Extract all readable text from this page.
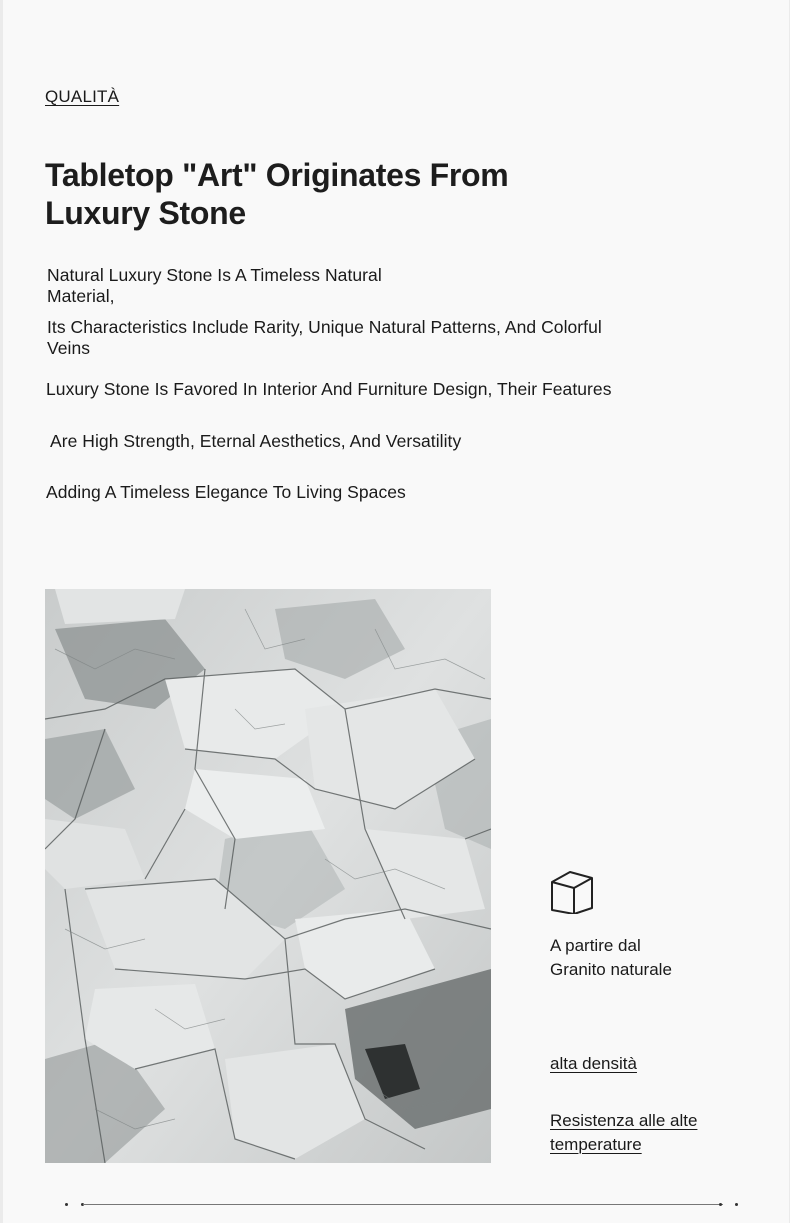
QUALITÀ
Tabletop "Art" Originates From Luxury Stone

Natural Luxury Stone Is A Timeless Natural Material,

Its Characteristics Include Rarity, Unique Natural Patterns, And Colorful Veins

Luxury Stone Is Favored In Interior And Furniture Design, Their Features

Are High Strength, Eternal Aesthetics, And Versatility

Adding A Timeless Elegance To Living Spaces

A partire dal
Granito naturale
alta densità
Resistenza alle alte temperature
